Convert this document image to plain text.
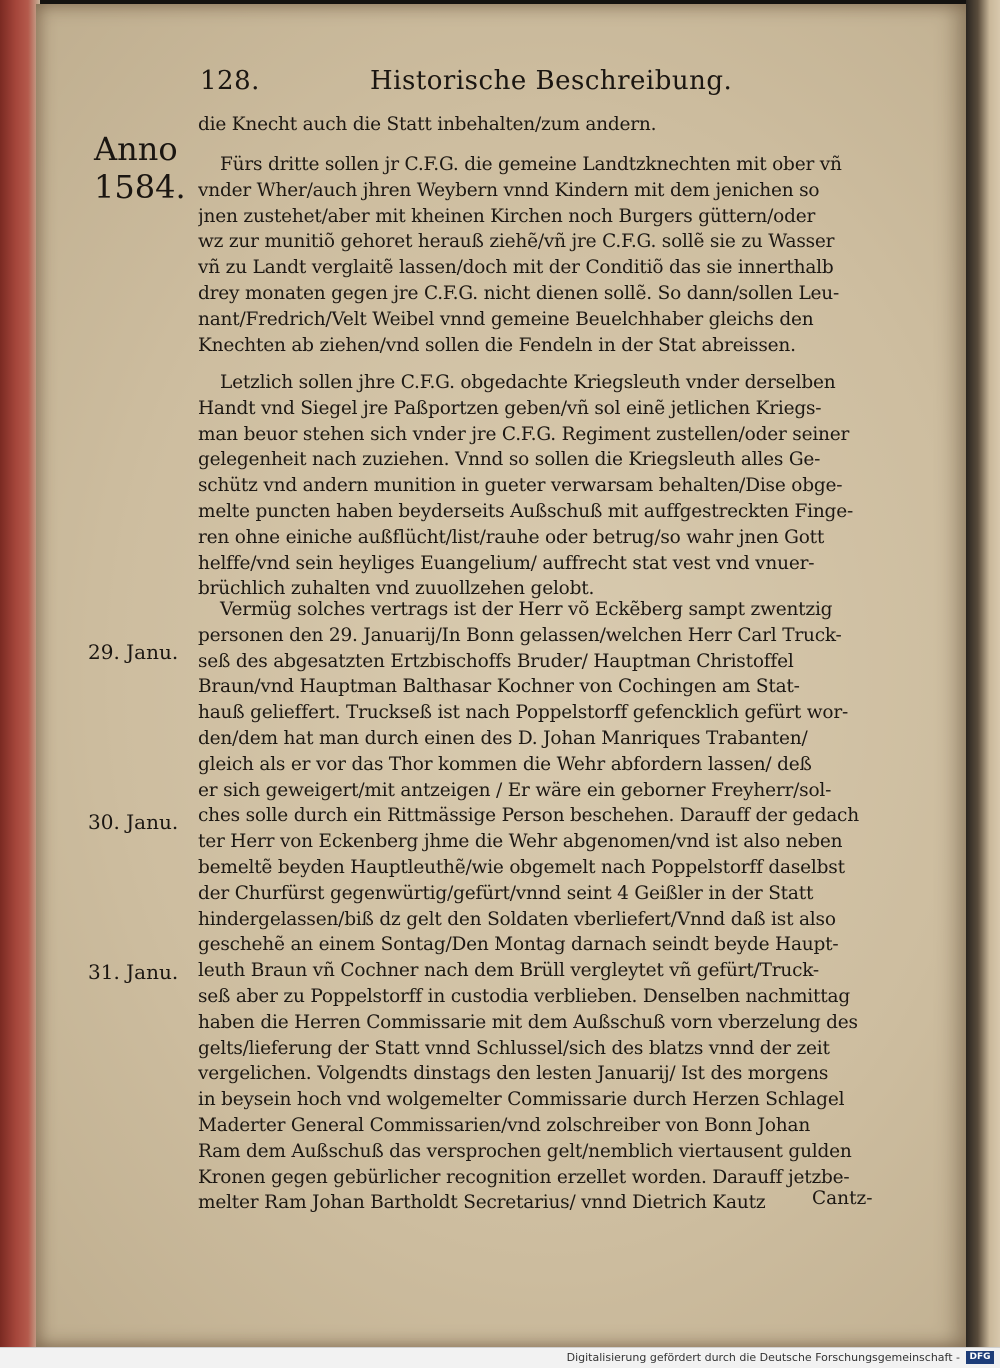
128.	Historische Beschreibung.
Anno
1584.
29. Janu.
30. Janu.
31. Janu.
die Knecht auch die Statt inbehalten/zum andern.
Fürs dritte sollen jr C.F.G. die gemeine Landtzknechten mit ober vñ
vnder Wher/auch jhren Weybern vnnd Kindern mit dem jenichen so
jnen zustehet/aber mit kheinen Kirchen noch Burgers güttern/oder
wz zur munitiõ gehoret herauß ziehẽ/vñ jre C.F.G. sollẽ sie zu Wasser
vñ zu Landt verglaitẽ lassen/doch mit der Conditiõ das sie innerthalb
drey monaten gegen jre C.F.G. nicht dienen sollẽ. So dann/sollen Leu-
nant/Fredrich/Velt Weibel vnnd gemeine Beuelchhaber gleichs den
Knechten ab ziehen/vnd sollen die Fendeln in der Stat abreissen.
Letzlich sollen jhre C.F.G. obgedachte Kriegsleuth vnder derselben
Handt vnd Siegel jre Paßportzen geben/vñ sol einẽ jetlichen Kriegs-
man beuor stehen sich vnder jre C.F.G. Regiment zustellen/oder seiner
gelegenheit nach zuziehen. Vnnd so sollen die Kriegsleuth alles Ge-
schütz vnd andern munition in gueter verwarsam behalten/Dise obge-
melte puncten haben beyderseits Außschuß mit auffgestreckten Finge-
ren ohne einiche außflücht/list/rauhe oder betrug/so wahr jnen Gott
helffe/vnd sein heyliges Euangelium/ auffrecht stat vest vnd vnuer-
brüchlich zuhalten vnd zuuollzehen gelobt.
Vermüg solches vertrags ist der Herr võ Eckẽberg sampt zwentzig
personen den 29. Januarij/In Bonn gelassen/welchen Herr Carl Truck-
seß des abgesatzten Ertzbischoffs Bruder/ Hauptman Christoffel
Braun/vnd Hauptman Balthasar Kochner von Cochingen am Stat-
hauß gelieffert. Truckseß ist nach Poppelstorff gefencklich gefürt wor-
den/dem hat man durch einen des D. Johan Manriques Trabanten/
gleich als er vor das Thor kommen die Wehr abfordern lassen/ deß
er sich geweigert/mit antzeigen / Er wäre ein geborner Freyherr/sol-
ches solle durch ein Rittmässige Person beschehen. Darauff der gedach
ter Herr von Eckenberg jhme die Wehr abgenomen/vnd ist also neben
bemeltẽ beyden Hauptleuthẽ/wie obgemelt nach Poppelstorff daselbst
der Churfürst gegenwürtig/gefürt/vnnd seint 4 Geißler in der Statt
hindergelassen/biß dz gelt den Soldaten vberliefert/Vnnd daß ist also
geschehẽ an einem Sontag/Den Montag darnach seindt beyde Haupt-
leuth Braun vñ Cochner nach dem Brüll vergleytet vñ gefürt/Truck-
seß aber zu Poppelstorff in custodia verblieben. Denselben nachmittag
haben die Herren Commissarie mit dem Außschuß vorn vberzelung des
gelts/lieferung der Statt vnnd Schlussel/sich des blatzs vnnd der zeit
vergelichen. Volgendts dinstags den lesten Januarij/ Ist des morgens
in beysein hoch vnd wolgemelter Commissarie durch Herzen Schlagel
Maderter General Commissarien/vnd zolschreiber von Bonn Johan
Ram dem Außschuß das versprochen gelt/nemblich viertausent gulden
Kronen gegen gebürlicher recognition erzellet worden. Darauff jetzbe-
melter Ram Johan Bartholdt Secretarius/ vnnd Dietrich Kautz	Cantz-
Digitalisierung gefördert durch die Deutsche Forschungsgemeinschaft -	DFG
